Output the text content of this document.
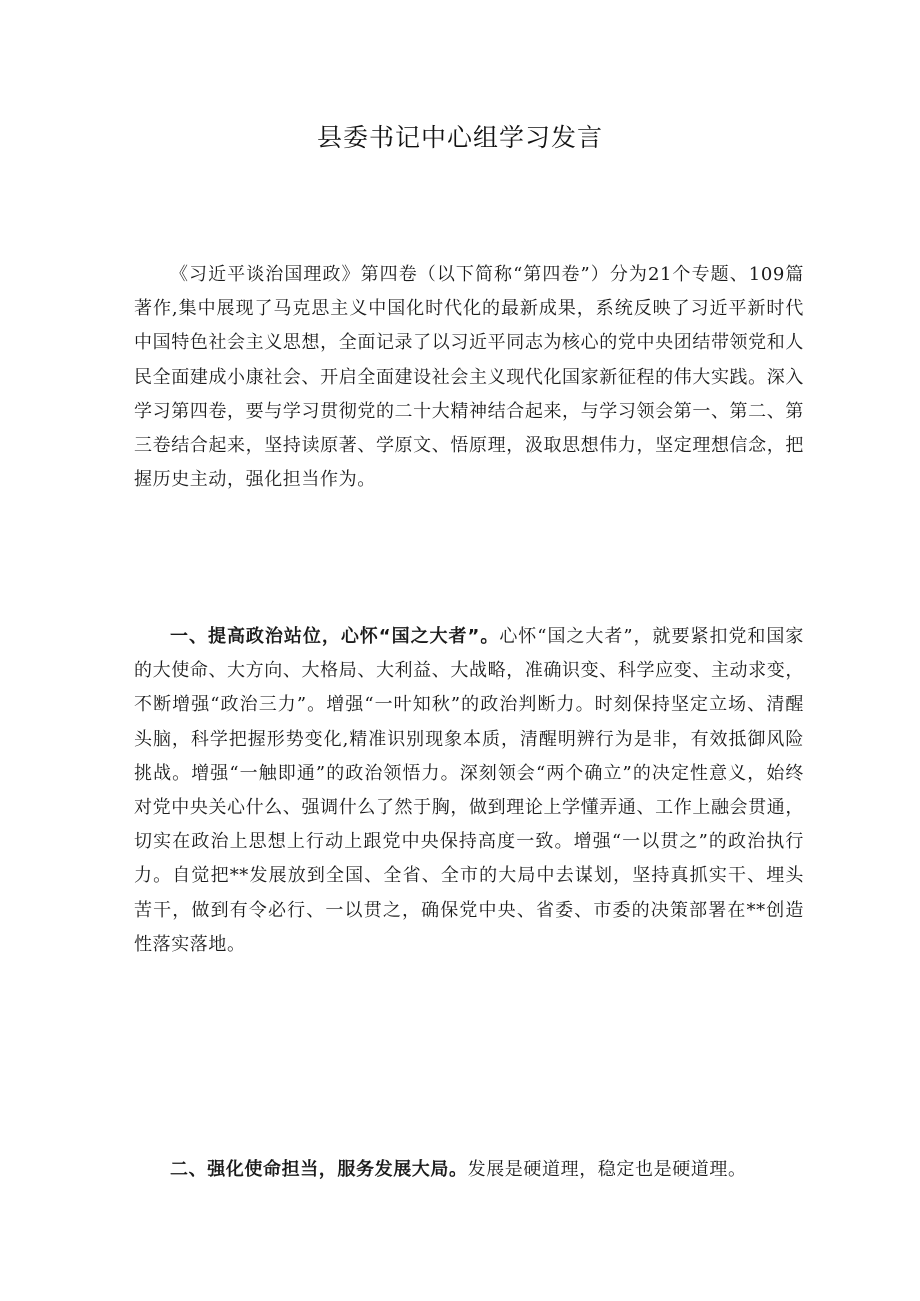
县委书记中心组学习发言

《习近平谈治国理政》第四卷（以下简称“第四卷”）分为21个专题、109篇著作,集中展现了马克思主义中国化时代化的最新成果，系统反映了习近平新时代中国特色社会主义思想，全面记录了以习近平同志为核心的党中央团结带领党和人民全面建成小康社会、开启全面建设社会主义现代化国家新征程的伟大实践。深入学习第四卷，要与学习贯彻党的二十大精神结合起来，与学习领会第一、第二、第三卷结合起来，坚持读原著、学原文、悟原理，汲取思想伟力，坚定理想信念，把握历史主动，强化担当作为。

一、提高政治站位，心怀“国之大者”。心怀“国之大者”，就要紧扣党和国家的大使命、大方向、大格局、大利益、大战略，准确识变、科学应变、主动求变，不断增强“政治三力”。增强“一叶知秋”的政治判断力。时刻保持坚定立场、清醒头脑，科学把握形势变化,精准识别现象本质，清醒明辨行为是非，有效抵御风险挑战。增强“一触即通”的政治领悟力。深刻领会“两个确立”的决定性意义，始终对党中央关心什么、强调什么了然于胸，做到理论上学懂弄通、工作上融会贯通，切实在政治上思想上行动上跟党中央保持高度一致。增强“一以贯之”的政治执行力。自觉把**发展放到全国、全省、全市的大局中去谋划，坚持真抓实干、埋头苦干，做到有令必行、一以贯之，确保党中央、省委、市委的决策部署在**创造性落实落地。

二、强化使命担当，服务发展大局。发展是硬道理，稳定也是硬道理。
